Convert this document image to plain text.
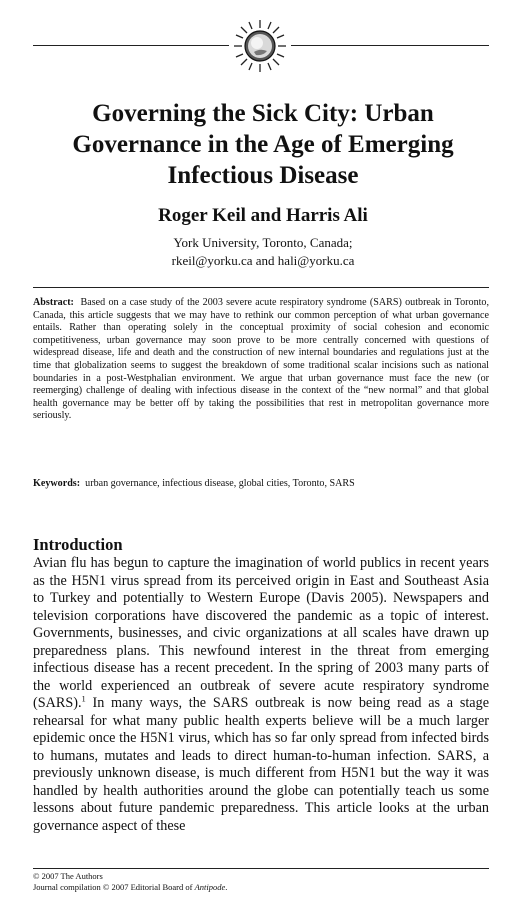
Governing the Sick City: Urban Governance in the Age of Emerging Infectious Disease
Roger Keil and Harris Ali
York University, Toronto, Canada;
rkeil@yorku.ca and hali@yorku.ca

Abstract: Based on a case study of the 2003 severe acute respiratory syndrome (SARS) outbreak in Toronto, Canada, this article suggests that we may have to rethink our common perception of what urban governance entails. Rather than operating solely in the conceptual proximity of social cohesion and economic competitiveness, urban governance may soon prove to be more centrally concerned with questions of widespread disease, life and death and the construction of new internal boundaries and regulations just at the time that globalization seems to suggest the breakdown of some traditional scalar incisions such as national boundaries in a post-Westphalian environment. We argue that urban governance must face the new (or reemerging) challenge of dealing with infectious disease in the context of the “new normal” and that global health governance may be better off by taking the possibilities that rest in metropolitan governance more seriously.

Keywords: urban governance, infectious disease, global cities, Toronto, SARS

Introduction

Avian flu has begun to capture the imagination of world publics in recent years as the H5N1 virus spread from its perceived origin in East and Southeast Asia to Turkey and potentially to Western Europe (Davis 2005). Newspapers and television corporations have discovered the pandemic as a topic of interest. Governments, businesses, and civic organizations at all scales have drawn up preparedness plans. This newfound interest in the threat from emerging infectious disease has a recent precedent. In the spring of 2003 many parts of the world experienced an outbreak of severe acute respiratory syndrome (SARS).$^1$ In many ways, the SARS outbreak is now being read as a stage rehearsal for what many public health experts believe will be a much larger epidemic once the H5N1 virus, which has so far only spread from infected birds to humans, mutates and leads to direct human-to-human infection. SARS, a previously unknown disease, is much different from H5N1 but the way it was handled by health authorities around the globe can potentially teach us some lessons about future pandemic preparedness. This article looks at the urban governance aspect of these

© 2007 The Authors
Journal compilation © 2007 Editorial Board of Antipode.
